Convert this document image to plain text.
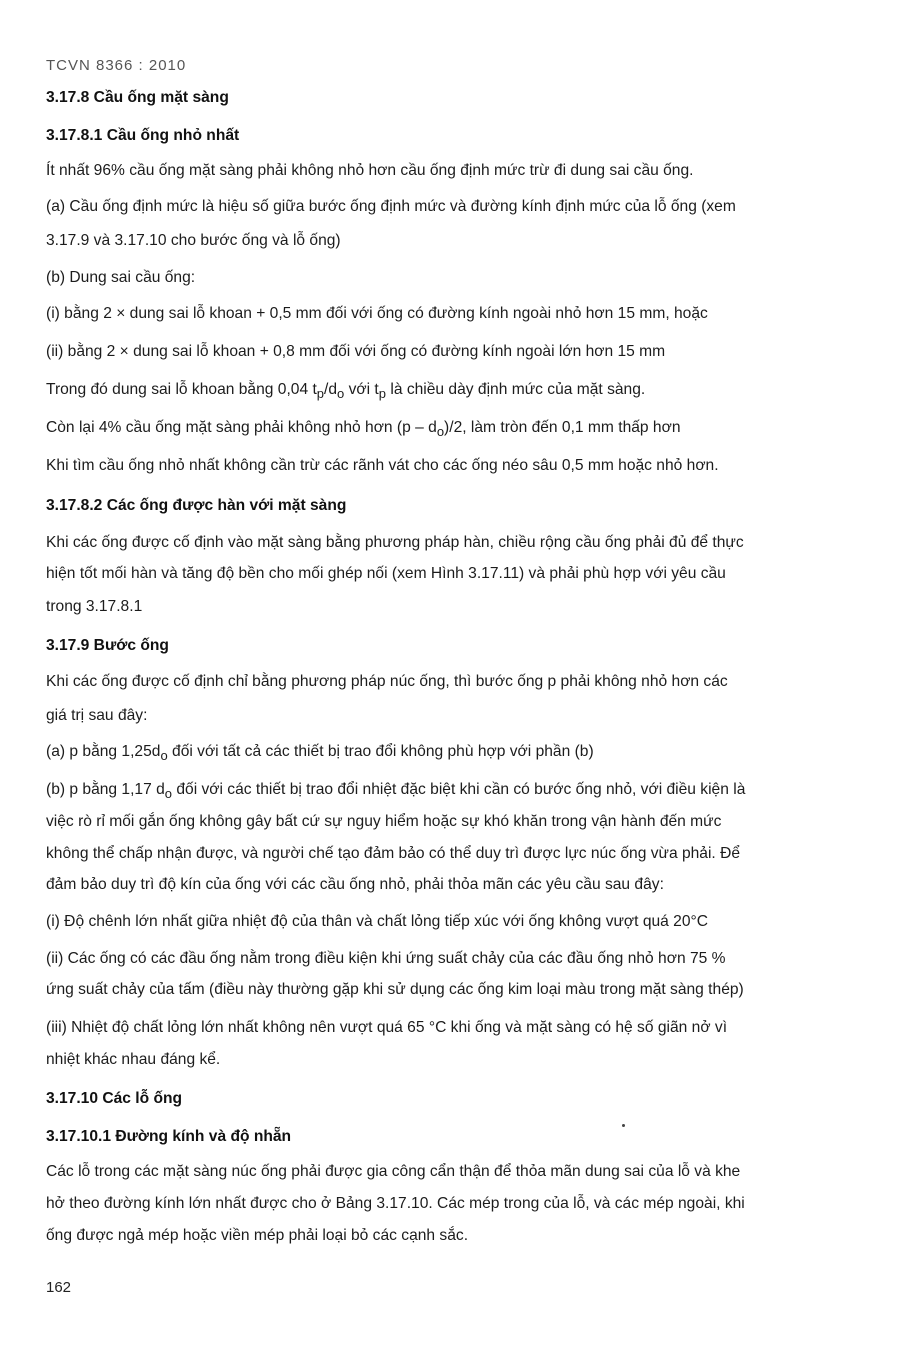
TCVN 8366 : 2010
3.17.8 Cầu ống mặt sàng
3.17.8.1 Cầu ống nhỏ nhất
Ít nhất 96% cầu ống mặt sàng phải không nhỏ hơn cầu ống định mức trừ đi dung sai cầu ống.
(a) Cầu ống định mức là hiệu số giữa bước ống định mức và đường kính định mức của lỗ ống (xem
3.17.9 và 3.17.10 cho bước ống và lỗ ống)
(b) Dung sai cầu ống:
(i) bằng 2 × dung sai lỗ khoan + 0,5 mm đối với ống có đường kính ngoài nhỏ hơn 15 mm, hoặc
(ii) bằng 2 × dung sai lỗ khoan + 0,8 mm đối với ống có đường kính ngoài lớn hơn 15 mm
Trong đó dung sai lỗ khoan bằng 0,04 $t_p/d_o$ với $t_p$ là chiều dày định mức của mặt sàng.
Còn lại 4% cầu ống mặt sàng phải không nhỏ hơn $(p - d_o)/2$, làm tròn đến 0,1 mm thấp hơn
Khi tìm cầu ống nhỏ nhất không cần trừ các rãnh vát cho các ống néo sâu 0,5 mm hoặc nhỏ hơn.
3.17.8.2 Các ống được hàn với mặt sàng
Khi các ống được cố định vào mặt sàng bằng phương pháp hàn, chiều rộng cầu ống phải đủ để thực
hiện tốt mối hàn và tăng độ bền cho mối ghép nối (xem Hình 3.17.11) và phải phù hợp với yêu cầu
trong 3.17.8.1
3.17.9 Bước ống
Khi các ống được cố định chỉ bằng phương pháp núc ống, thì bước ống p phải không nhỏ hơn các
giá trị sau đây:
(a) p bằng $1,25d_o$ đối với tất cả các thiết bị trao đổi không phù hợp với phần (b)
(b) p bằng 1,17 $d_o$ đối với các thiết bị trao đổi nhiệt đặc biệt khi cần có bước ống nhỏ, với điều kiện là
việc rò rỉ mối gắn ống không gây bất cứ sự nguy hiểm hoặc sự khó khăn trong vận hành đến mức
không thể chấp nhận được, và người chế tạo đảm bảo có thể duy trì được lực núc ống vừa phải. Để
đảm bảo duy trì độ kín của ống với các cầu ống nhỏ, phải thỏa mãn các yêu cầu sau đây:
(i) Độ chênh lớn nhất giữa nhiệt độ của thân và chất lỏng tiếp xúc với ống không vượt quá 20°C
(ii) Các ống có các đầu ống nằm trong điều kiện khi ứng suất chảy của các đầu ống nhỏ hơn 75 %
ứng suất chảy của tấm (điều này thường gặp khi sử dụng các ống kim loại màu trong mặt sàng thép)
(iii) Nhiệt độ chất lỏng lớn nhất không nên vượt quá 65 °C khi ống và mặt sàng có hệ số giãn nở vì
nhiệt khác nhau đáng kể.
3.17.10 Các lỗ ống
3.17.10.1 Đường kính và độ nhẵn
Các lỗ trong các mặt sàng núc ống phải được gia công cẩn thận để thỏa mãn dung sai của lỗ và khe
hở theo đường kính lớn nhất được cho ở Bảng 3.17.10. Các mép trong của lỗ, và các mép ngoài, khi
ống được ngả mép hoặc viền mép phải loại bỏ các cạnh sắc.
162
